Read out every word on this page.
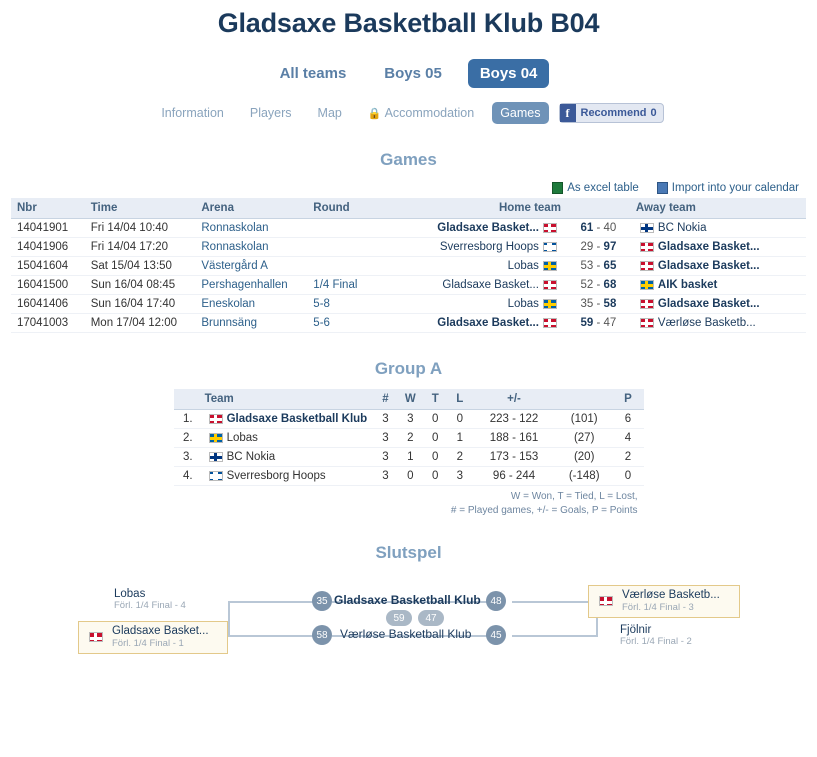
Gladsaxe Basketball Klub B04
All teams	Boys 05	Boys 04
Information	Players	Map	🔒 Accommodation	Games	f	Recommend 0
Games
As excel table	Import into your calendar
Nbr	Time	Arena	Round	Home team		Away team
14041901	Fri 14/04 10:40	Ronnaskolan		Gladsaxe Basket...	61 - 40	BC Nokia
14041906	Fri 14/04 17:20	Ronnaskolan		Sverresborg Hoops	29 - 97	Gladsaxe Basket...
15041604	Sat 15/04 13:50	Västergård A		Lobas	53 - 65	Gladsaxe Basket...
16041500	Sun 16/04 08:45	Pershagenhallen	1/4 Final	Gladsaxe Basket...	52 - 68	AIK basket
16041406	Sun 16/04 17:40	Eneskolan	5-8	Lobas	35 - 58	Gladsaxe Basket...
17041003	Mon 17/04 12:00	Brunnsäng	5-6	Gladsaxe Basket...	59 - 47	Værløse Basketb...
Group A
	Team	#	W	T	L	+/-		P
1.	Gladsaxe Basketball Klub	3	3	0	0	223 - 122	(101)	6
2.	Lobas	3	2	0	1	188 - 161	(27)	4
3.	BC Nokia	3	1	0	2	173 - 153	(20)	2
4.	Sverresborg Hoops	3	0	0	3	96 - 244	(-148)	0
W = Won, T = Tied, L = Lost,
# = Played games, +/- = Goals, P = Points
Slutspel
Lobas
Förl. 1/4 Final - 4
Gladsaxe Basket...
Förl. 1/4 Final - 1
Værløse Basketb...
Förl. 1/4 Final - 3
Fjölnir
Förl. 1/4 Final - 2
35
58
48
45
Gladsaxe Basketball Klub
Værløse Basketball Klub
59	47
